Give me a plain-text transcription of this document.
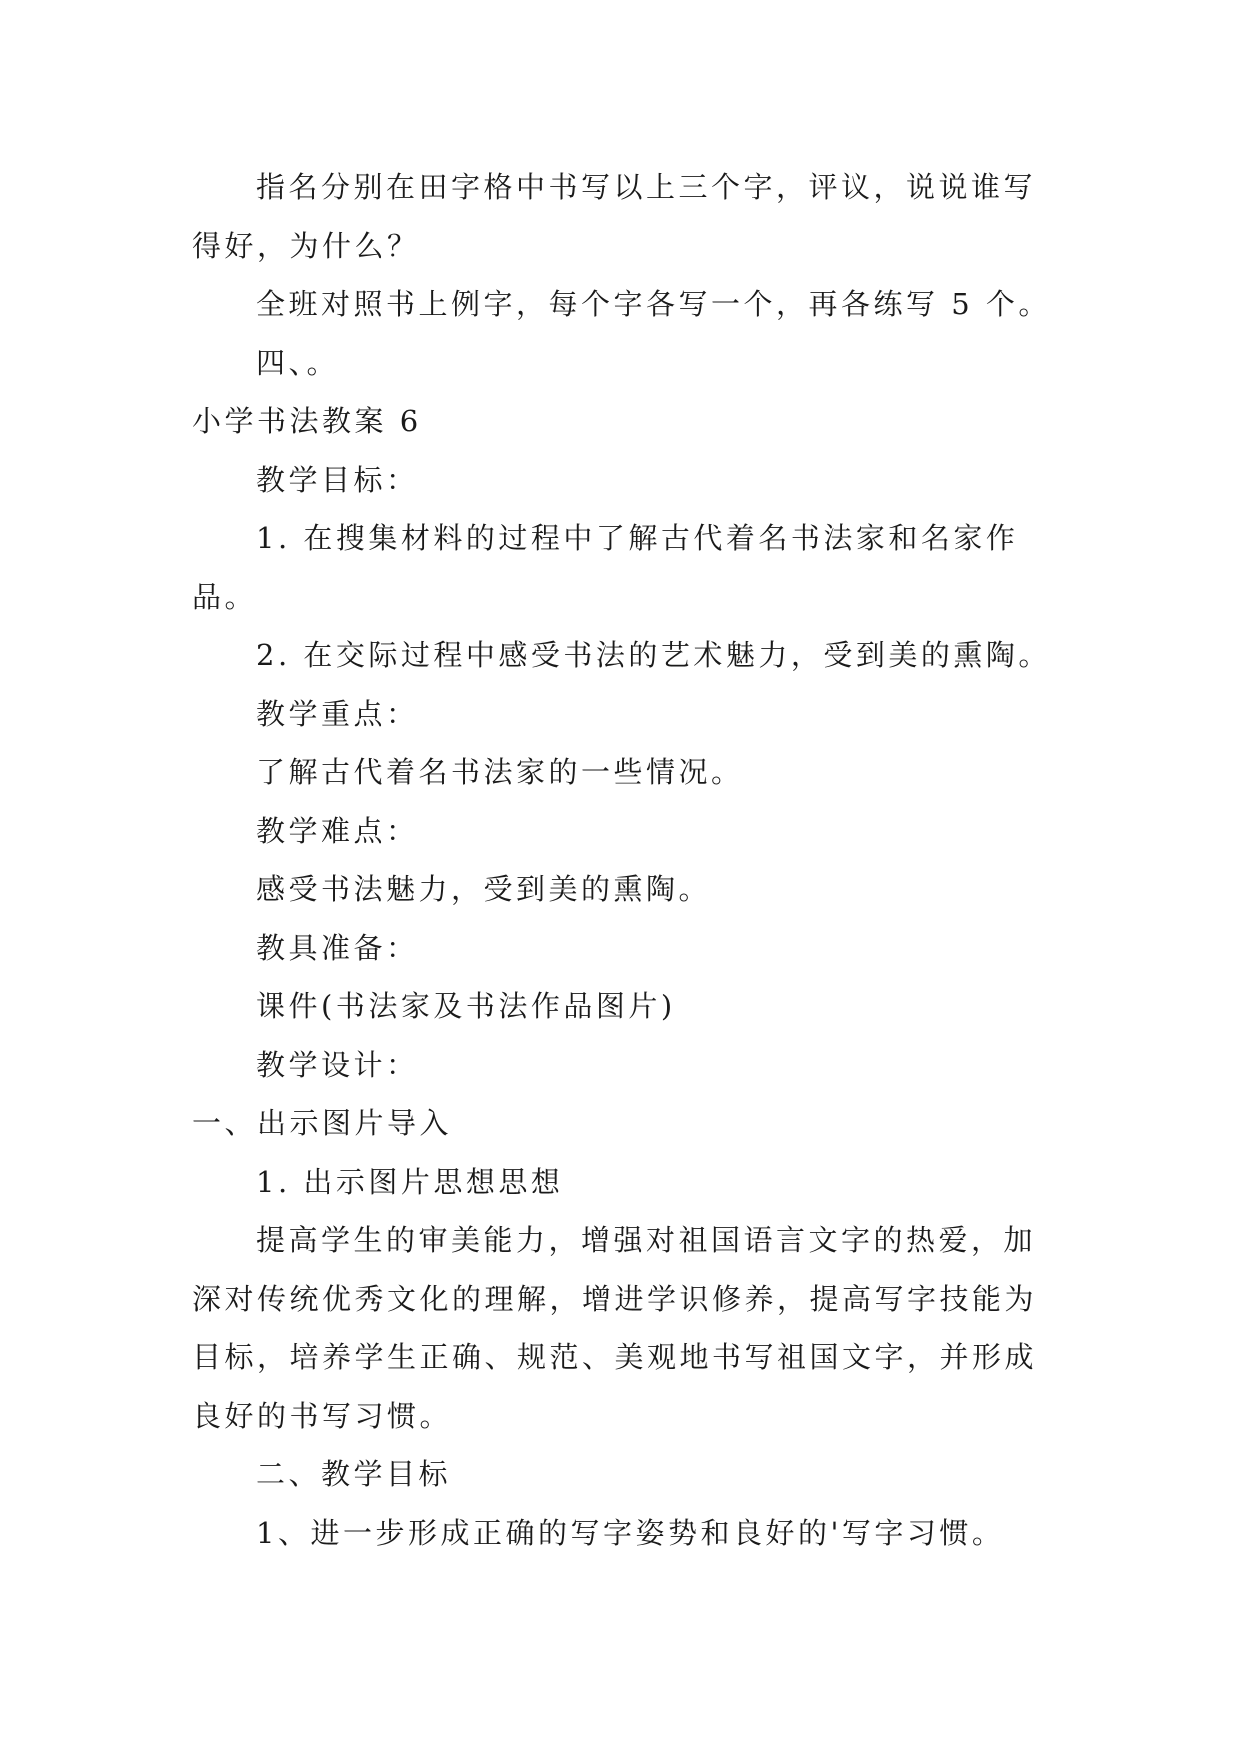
指名分别在田字格中书写以上三个字，评议，说说谁写

得好，为什么？

全班对照书上例字，每个字各写一个，再各练写 5 个。

四、。

小学书法教案 6

教学目标：

1. 在搜集材料的过程中了解古代着名书法家和名家作

品。

2. 在交际过程中感受书法的艺术魅力，受到美的熏陶。

教学重点：

了解古代着名书法家的一些情况。

教学难点：

感受书法魅力，受到美的熏陶。

教具准备：

课件(书法家及书法作品图片)

教学设计：

一、出示图片导入

1. 出示图片思想思想

提高学生的审美能力，增强对祖国语言文字的热爱，加

深对传统优秀文化的理解，增进学识修养，提高写字技能为

目标，培养学生正确、规范、美观地书写祖国文字，并形成

良好的书写习惯。

二、教学目标

1、进一步形成正确的写字姿势和良好的'写字习惯。
